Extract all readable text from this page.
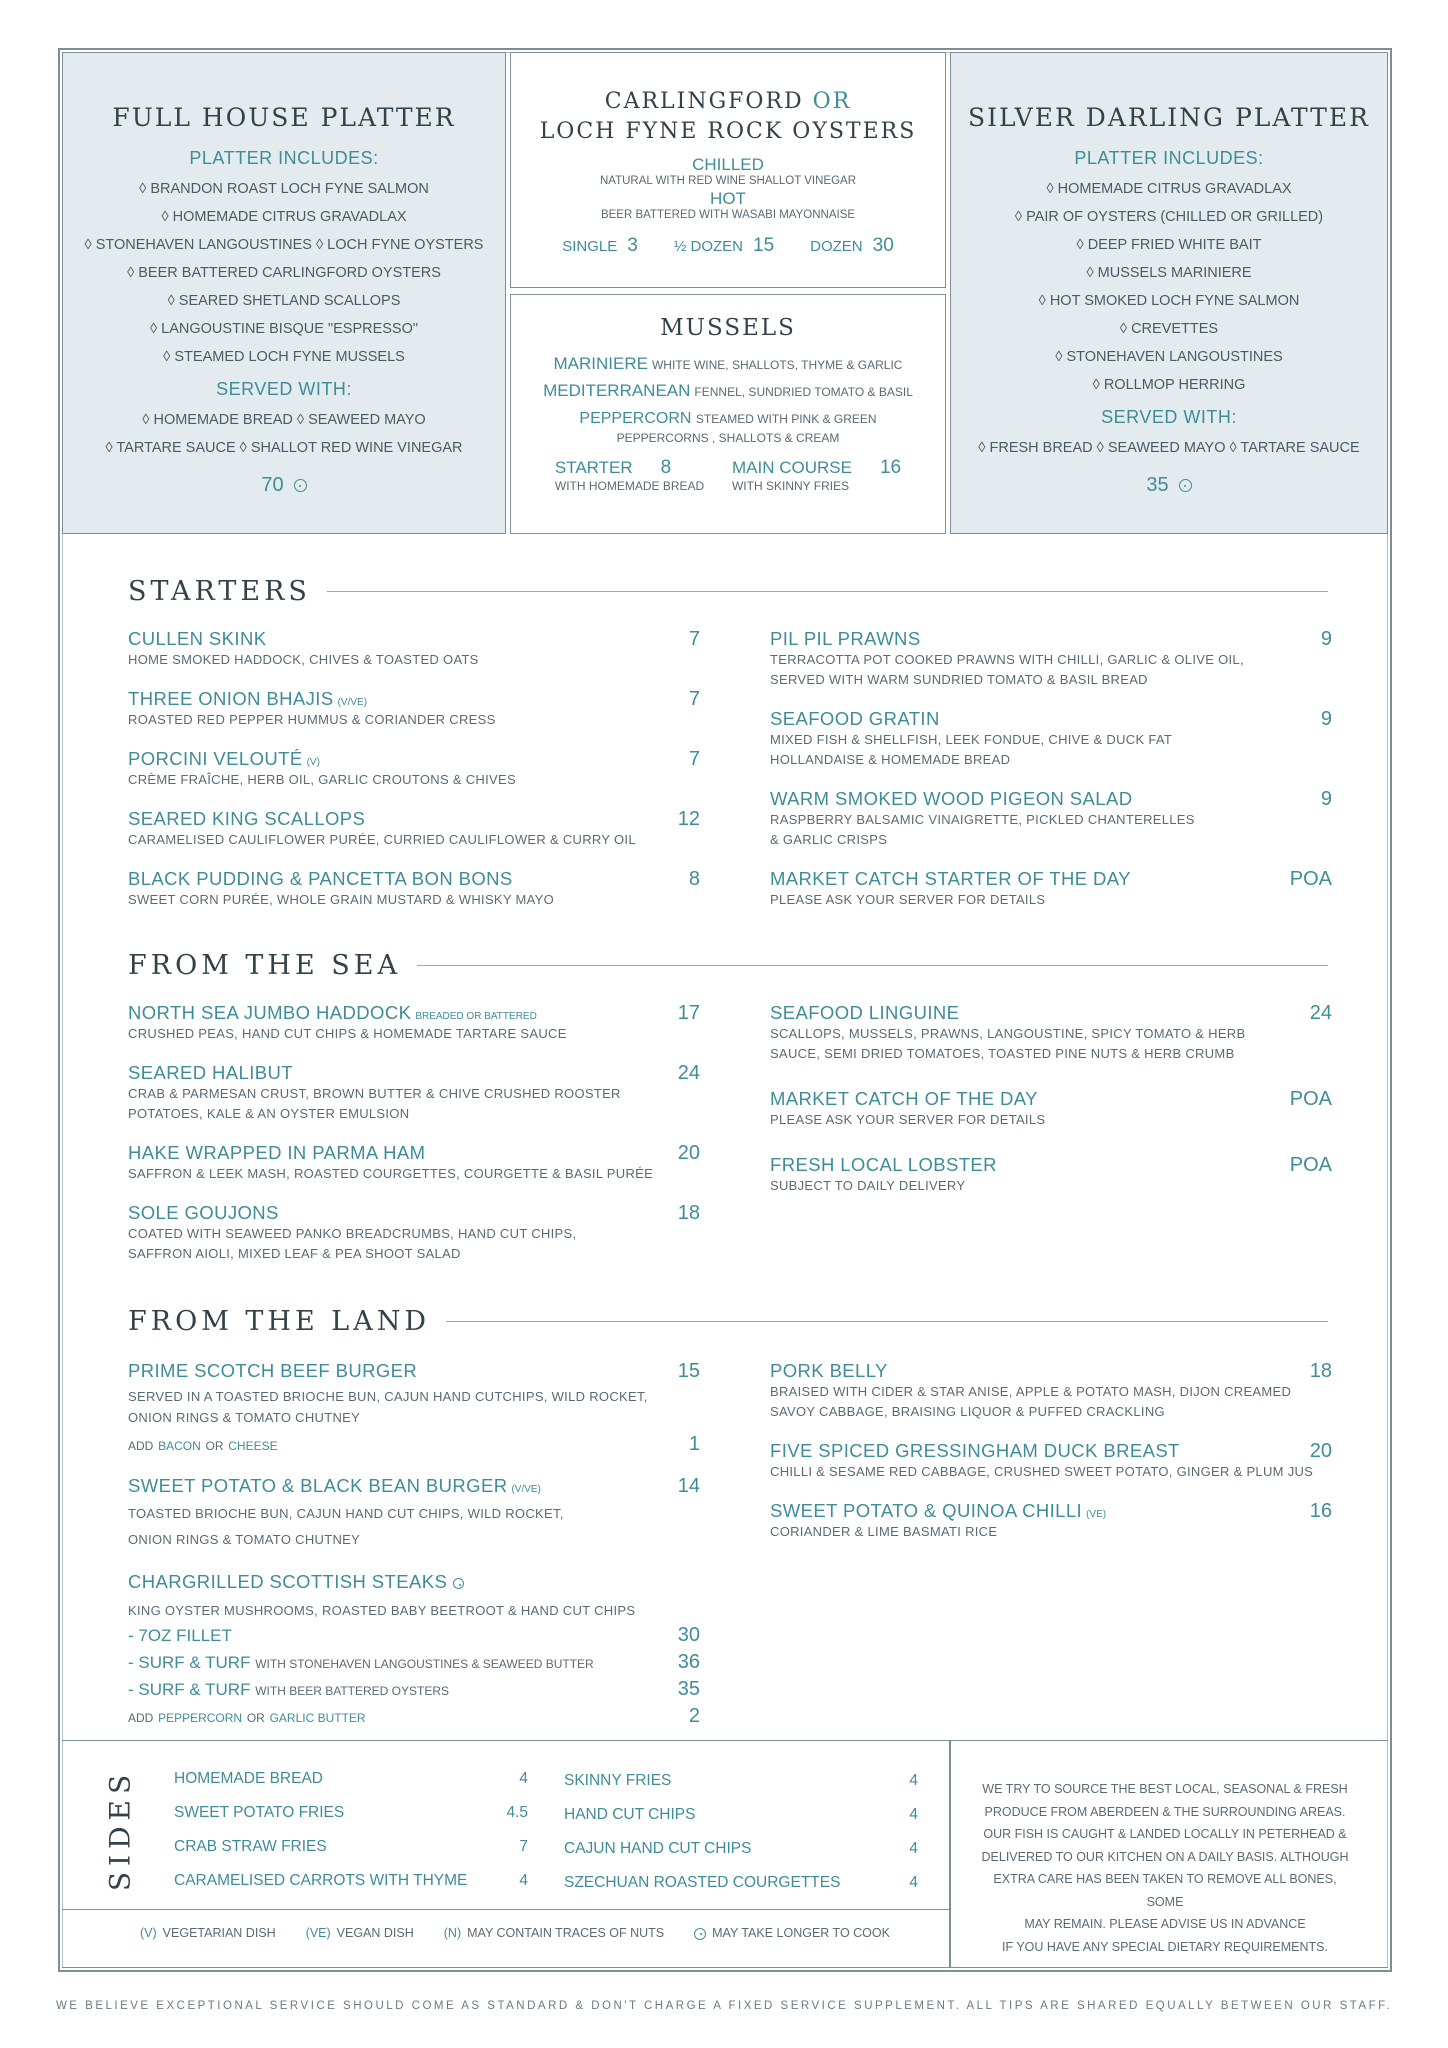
FULL HOUSE PLATTER
PLATTER INCLUDES:
◊ BRANDON ROAST LOCH FYNE SALMON
◊ HOMEMADE CITRUS GRAVADLAX
◊ STONEHAVEN LANGOUSTINES ◊ LOCH FYNE OYSTERS
◊ BEER BATTERED CARLINGFORD OYSTERS
◊ SEARED SHETLAND SCALLOPS
◊ LANGOUSTINE BISQUE "ESPRESSO"
◊ STEAMED LOCH FYNE MUSSELS
SERVED WITH:
◊ HOMEMADE BREAD ◊ SEAWEED MAYO
◊ TARTARE SAUCE ◊ SHALLOT RED WINE VINEGAR
70
CARLINGFORD OR
LOCH FYNE ROCK OYSTERS
CHILLED
NATURAL WITH RED WINE SHALLOT VINEGAR
HOT
BEER BATTERED WITH WASABI MAYONNAISE
SINGLE 3 ½ DOZEN 15 DOZEN 30
MUSSELS
MARINIERE WHITE WINE, SHALLOTS, THYME & GARLIC
MEDITERRANEAN FENNEL, SUNDRIED TOMATO & BASIL
PEPPERCORN STEAMED WITH PINK & GREEN
PEPPERCORNS , SHALLOTS & CREAM
STARTER 8
WITH HOMEMADE BREAD
MAIN COURSE 16
WITH SKINNY FRIES
SILVER DARLING PLATTER
PLATTER INCLUDES:
◊ HOMEMADE CITRUS GRAVADLAX
◊ PAIR OF OYSTERS (CHILLED OR GRILLED)
◊ DEEP FRIED WHITE BAIT
◊ MUSSELS MARINIERE
◊ HOT SMOKED LOCH FYNE SALMON
◊ CREVETTES
◊ STONEHAVEN LANGOUSTINES
◊ ROLLMOP HERRING
SERVED WITH:
◊ FRESH BREAD ◊ SEAWEED MAYO ◊ TARTARE SAUCE
35
STARTERS
CULLEN SKINK	7
HOME SMOKED HADDOCK, CHIVES & TOASTED OATS
THREE ONION BHAJIS (V/VE)	7
ROASTED RED PEPPER HUMMUS & CORIANDER CRESS
PORCINI VELOUTÉ (V)	7
CRÈME FRAÎCHE, HERB OIL, GARLIC CROUTONS & CHIVES
SEARED KING SCALLOPS	12
CARAMELISED CAULIFLOWER PURÉE, CURRIED CAULIFLOWER & CURRY OIL
BLACK PUDDING & PANCETTA BON BONS	8
SWEET CORN PURÉE, WHOLE GRAIN MUSTARD & WHISKY MAYO
PIL PIL PRAWNS	9
TERRACOTTA POT COOKED PRAWNS WITH CHILLI, GARLIC & OLIVE OIL,
SERVED WITH WARM SUNDRIED TOMATO & BASIL BREAD
SEAFOOD GRATIN	9
MIXED FISH & SHELLFISH, LEEK FONDUE, CHIVE & DUCK FAT
HOLLANDAISE & HOMEMADE BREAD
WARM SMOKED WOOD PIGEON SALAD	9
RASPBERRY BALSAMIC VINAIGRETTE, PICKLED CHANTERELLES
& GARLIC CRISPS
MARKET CATCH STARTER OF THE DAY	POA
PLEASE ASK YOUR SERVER FOR DETAILS
FROM THE SEA
NORTH SEA JUMBO HADDOCK BREADED OR BATTERED	17
CRUSHED PEAS, HAND CUT CHIPS & HOMEMADE TARTARE SAUCE
SEARED HALIBUT	24
CRAB & PARMESAN CRUST, BROWN BUTTER & CHIVE CRUSHED ROOSTER
POTATOES, KALE & AN OYSTER EMULSION
HAKE WRAPPED IN PARMA HAM	20
SAFFRON & LEEK MASH, ROASTED COURGETTES, COURGETTE & BASIL PURÉE
SOLE GOUJONS	18
COATED WITH SEAWEED PANKO BREADCRUMBS, HAND CUT CHIPS,
SAFFRON AIOLI, MIXED LEAF & PEA SHOOT SALAD
SEAFOOD LINGUINE	24
SCALLOPS, MUSSELS, PRAWNS, LANGOUSTINE, SPICY TOMATO & HERB
SAUCE, SEMI DRIED TOMATOES, TOASTED PINE NUTS & HERB CRUMB
MARKET CATCH OF THE DAY	POA
PLEASE ASK YOUR SERVER FOR DETAILS
FRESH LOCAL LOBSTER	POA
SUBJECT TO DAILY DELIVERY
FROM THE LAND
PRIME SCOTCH BEEF BURGER	15
SERVED IN A TOASTED BRIOCHE BUN, CAJUN HAND CUTCHIPS, WILD ROCKET,
ONION RINGS & TOMATO CHUTNEY
ADD BACON OR CHEESE	1
SWEET POTATO & BLACK BEAN BURGER (V/VE)	14
TOASTED BRIOCHE BUN, CAJUN HAND CUT CHIPS, WILD ROCKET,
ONION RINGS & TOMATO CHUTNEY
CHARGRILLED SCOTTISH STEAKS
KING OYSTER MUSHROOMS, ROASTED BABY BEETROOT & HAND CUT CHIPS
- 7OZ FILLET	30
- SURF & TURF WITH STONEHAVEN LANGOUSTINES & SEAWEED BUTTER	36
- SURF & TURF WITH BEER BATTERED OYSTERS	35
ADD PEPPERCORN OR GARLIC BUTTER	2
PORK BELLY	18
BRAISED WITH CIDER & STAR ANISE, APPLE & POTATO MASH, DIJON CREAMED
SAVOY CABBAGE, BRAISING LIQUOR & PUFFED CRACKLING
FIVE SPICED GRESSINGHAM DUCK BREAST	20
CHILLI & SESAME RED CABBAGE, CRUSHED SWEET POTATO, GINGER & PLUM JUS
SWEET POTATO & QUINOA CHILLI (VE)	16
CORIANDER & LIME BASMATI RICE
SIDES HOMEMADE BREAD	4
SWEET POTATO FRIES	4.5
CRAB STRAW FRIES	7
CARAMELISED CARROTS WITH THYME	4
SKINNY FRIES	4
HAND CUT CHIPS	4
CAJUN HAND CUT CHIPS	4
SZECHUAN ROASTED COURGETTES	4
(V) VEGETARIAN DISH (VE) VEGAN DISH (N) MAY CONTAIN TRACES OF NUTS	MAY TAKE LONGER TO COOK
WE TRY TO SOURCE THE BEST LOCAL, SEASONAL & FRESH
PRODUCE FROM ABERDEEN & THE SURROUNDING AREAS.
OUR FISH IS CAUGHT & LANDED LOCALLY IN PETERHEAD &
DELIVERED TO OUR KITCHEN ON A DAILY BASIS. ALTHOUGH
EXTRA CARE HAS BEEN TAKEN TO REMOVE ALL BONES, SOME
MAY REMAIN. PLEASE ADVISE US IN ADVANCE
IF YOU HAVE ANY SPECIAL DIETARY REQUIREMENTS.
WE BELIEVE EXCEPTIONAL SERVICE SHOULD COME AS STANDARD & DON'T CHARGE A FIXED SERVICE SUPPLEMENT. ALL TIPS ARE SHARED EQUALLY BETWEEN OUR STAFF.
